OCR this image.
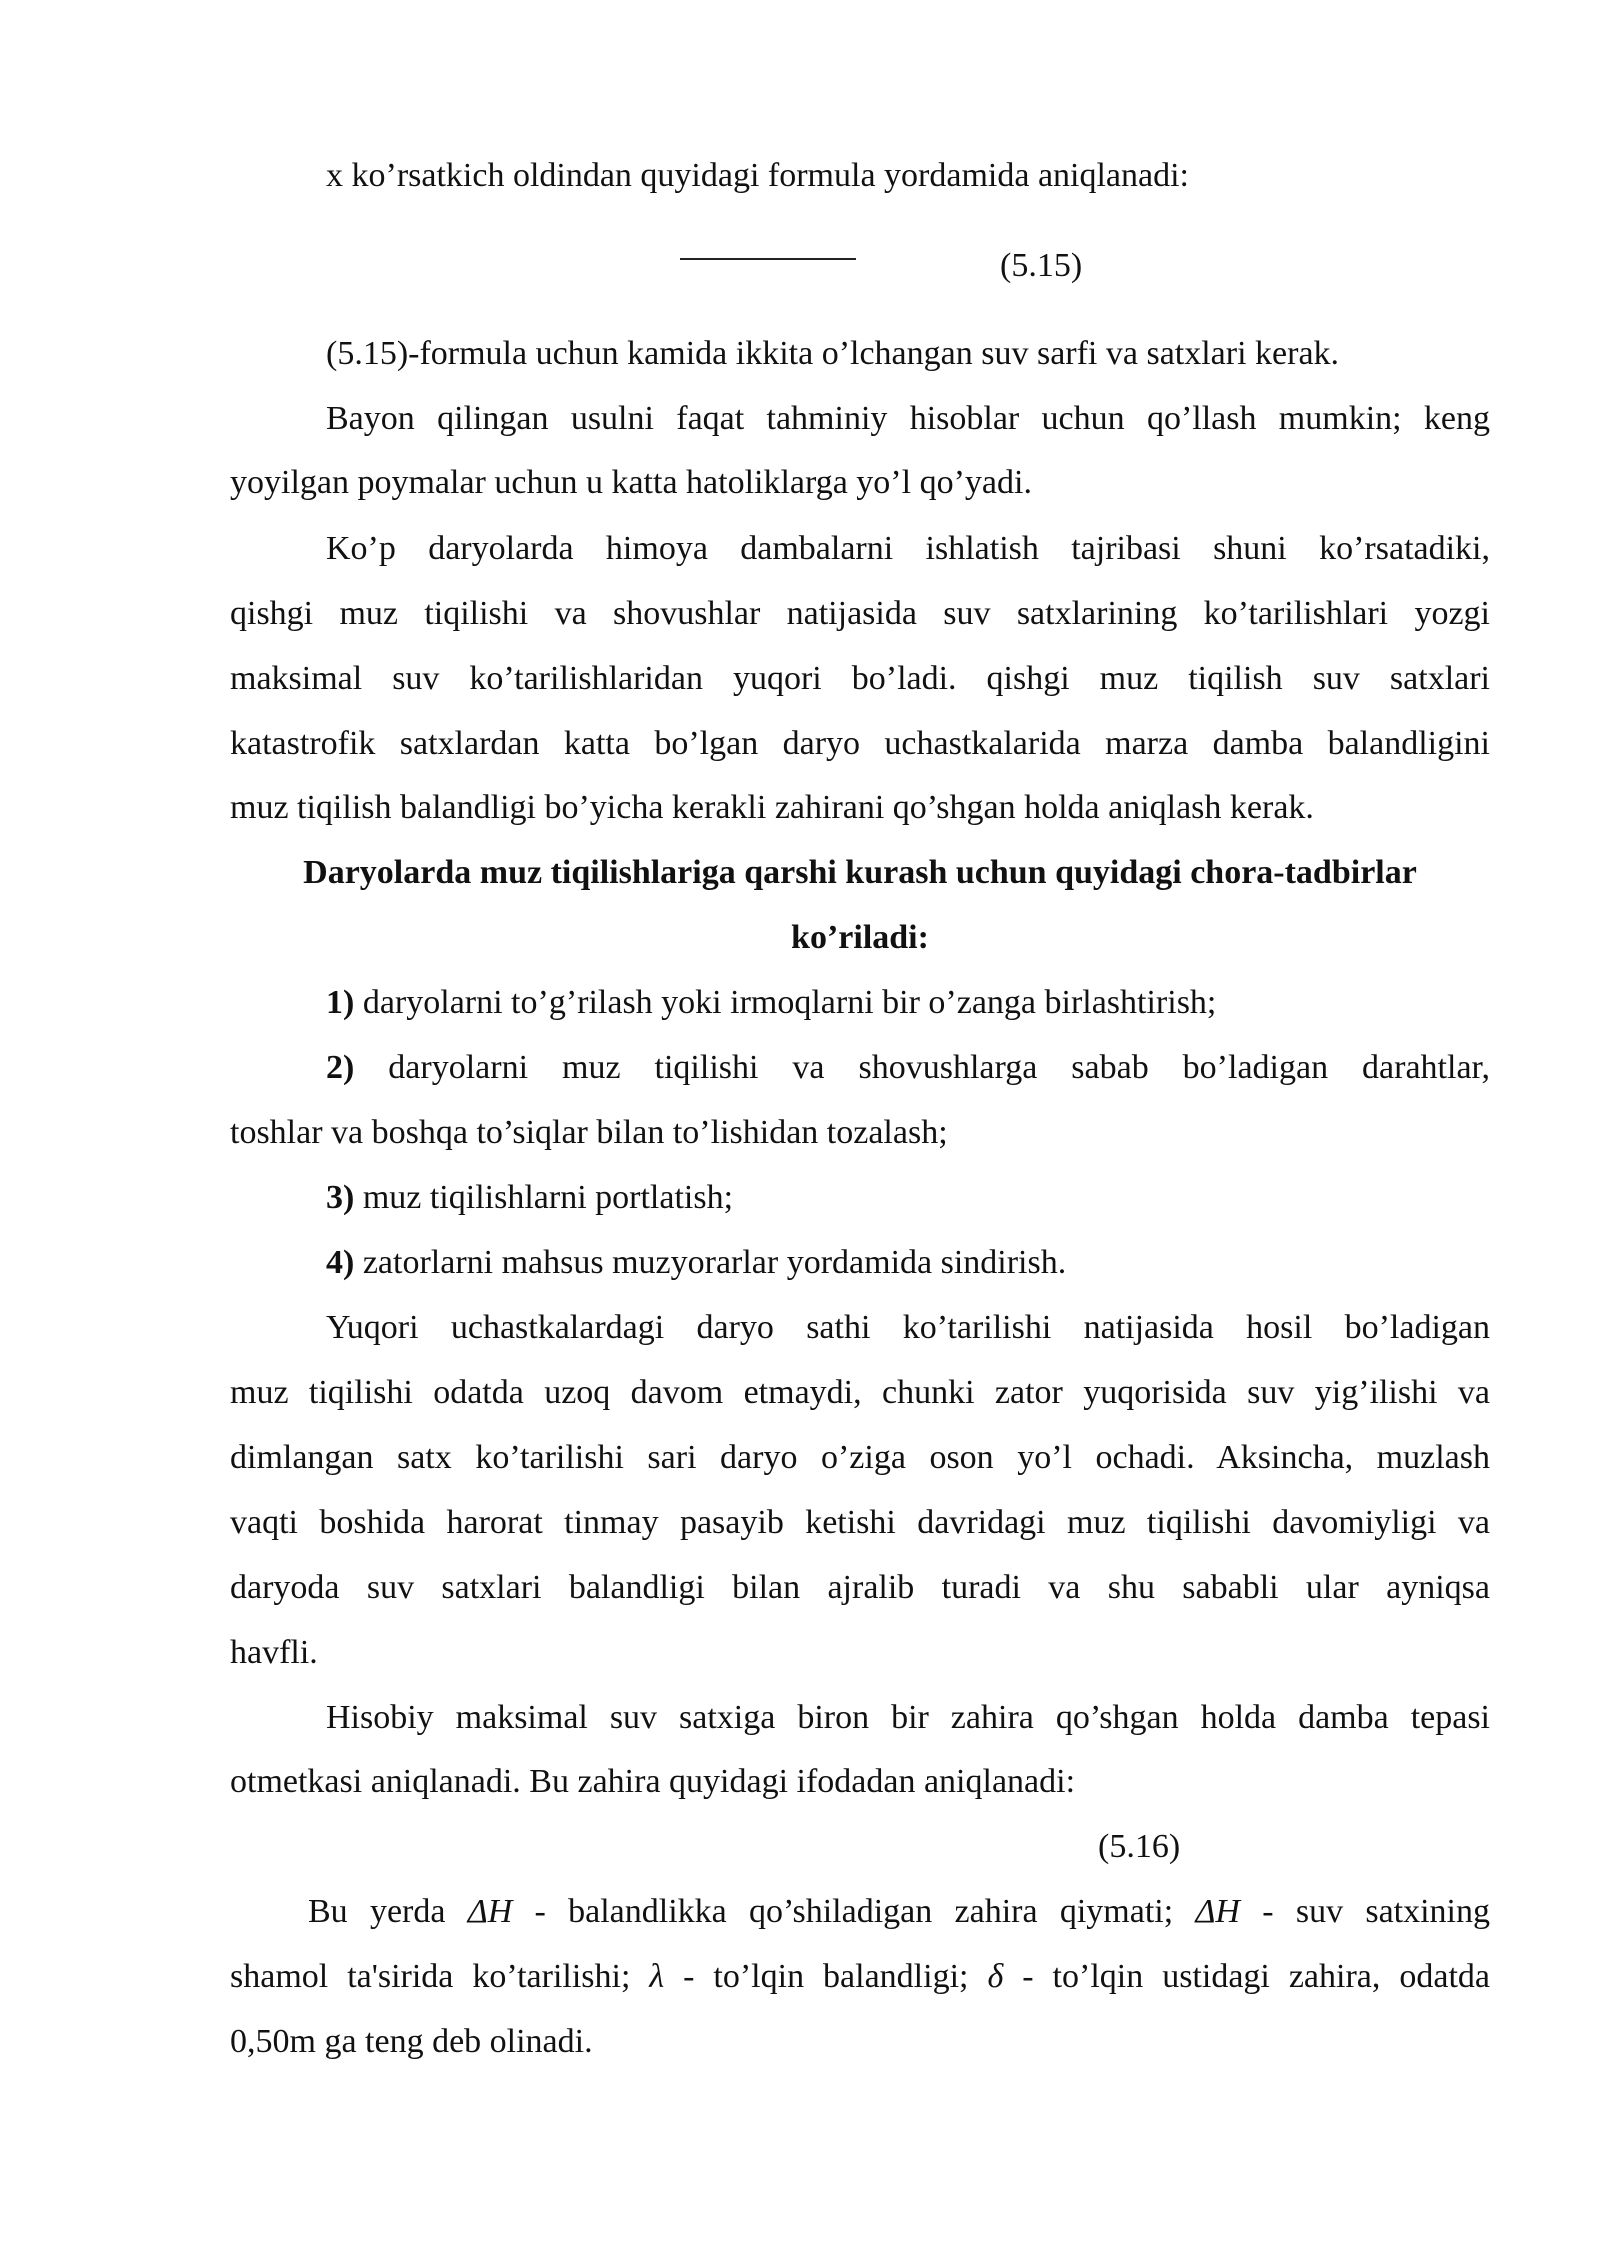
x ko’rsatkich oldindan quyidagi formula yordamida aniqlanadi:

(5.15)

(5.15)-formula uchun kamida ikkita o’lchangan suv sarfi va satxlari kerak.

Bayon qilingan usulni faqat tahminiy hisoblar uchun qo’llash mumkin; keng

yoyilgan poymalar uchun u katta hatoliklarga yo’l qo’yadi.

Ko’p daryolarda himoya dambalarni ishlatish tajribasi shuni ko’rsatadiki,

qishgi muz tiqilishi va shovushlar natijasida suv satxlarining ko’tarilishlari yozgi

maksimal suv ko’tarilishlaridan yuqori bo’ladi. qishgi muz tiqilish suv satxlari

katastrofik satxlardan katta bo’lgan daryo uchastkalarida marza damba balandligini

muz tiqilish balandligi bo’yicha kerakli zahirani qo’shgan holda aniqlash kerak.

Daryolarda muz tiqilishlariga qarshi kurash uchun quyidagi chora-tadbirlar

ko’riladi:

1) daryolarni to’g’rilash yoki irmoqlarni bir o’zanga birlashtirish;

2) daryolarni muz tiqilishi va shovushlarga sabab bo’ladigan darahtlar,

toshlar va boshqa to’siqlar bilan to’lishidan tozalash;

3) muz tiqilishlarni portlatish;

4) zatorlarni mahsus muzyorarlar yordamida sindirish.

Yuqori uchastkalardagi daryo sathi ko’tarilishi natijasida hosil bo’ladigan

muz tiqilishi odatda uzoq davom etmaydi, chunki zator yuqorisida suv yig’ilishi va

dimlangan satx ko’tarilishi sari daryo o’ziga oson yo’l ochadi. Aksincha, muzlash

vaqti boshida harorat tinmay pasayib ketishi davridagi muz tiqilishi davomiyligi va

daryoda suv satxlari balandligi bilan ajralib turadi va shu sababli ular ayniqsa

havfli.

Hisobiy maksimal suv satxiga biron bir zahira qo’shgan holda damba tepasi

otmetkasi aniqlanadi. Bu zahira quyidagi ifodadan aniqlanadi:

(5.16)

Bu yerda ΔH - balandlikka qo’shiladigan zahira qiymati; ΔH - suv satxining

shamol ta'sirida ko’tarilishi; λ - to’lqin balandligi; δ - to’lqin ustidagi zahira, odatda

0,50m ga teng deb olinadi.
